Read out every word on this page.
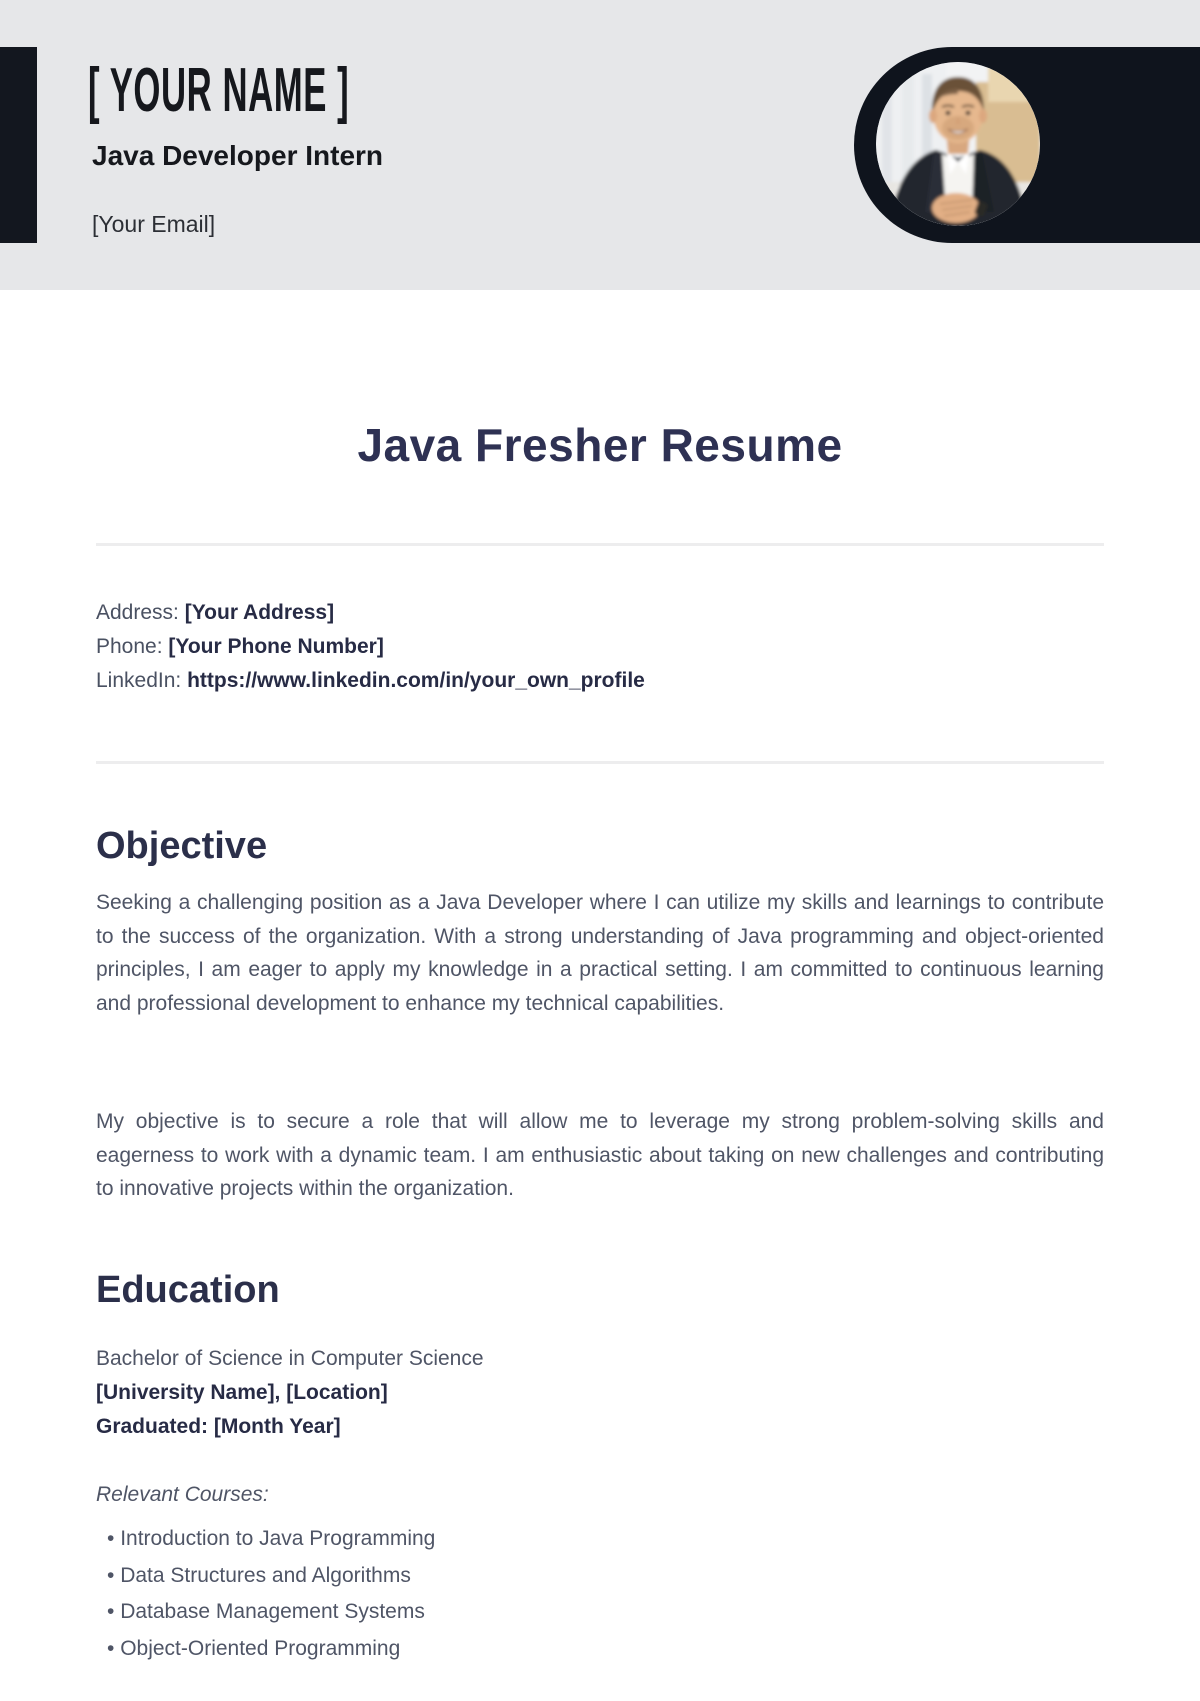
[ YOUR NAME ]
Java Developer Intern
[Your Email]
Java Fresher Resume
Address: [Your Address]
Phone: [Your Phone Number]
LinkedIn: https://www.linkedin.com/in/your_own_profile
Objective
Seeking a challenging position as a Java Developer where I can utilize my skills and learnings to contribute to the success of the organization. With a strong understanding of Java programming and object-oriented principles, I am eager to apply my knowledge in a practical setting. I am committed to continuous learning and professional development to enhance my technical capabilities.
My objective is to secure a role that will allow me to leverage my strong problem-solving skills and eagerness to work with a dynamic team. I am enthusiastic about taking on new challenges and contributing to innovative projects within the organization.
Education
Bachelor of Science in Computer Science
[University Name], [Location]
Graduated: [Month Year]
Relevant Courses:
• Introduction to Java Programming
• Data Structures and Algorithms
• Database Management Systems
• Object-Oriented Programming
